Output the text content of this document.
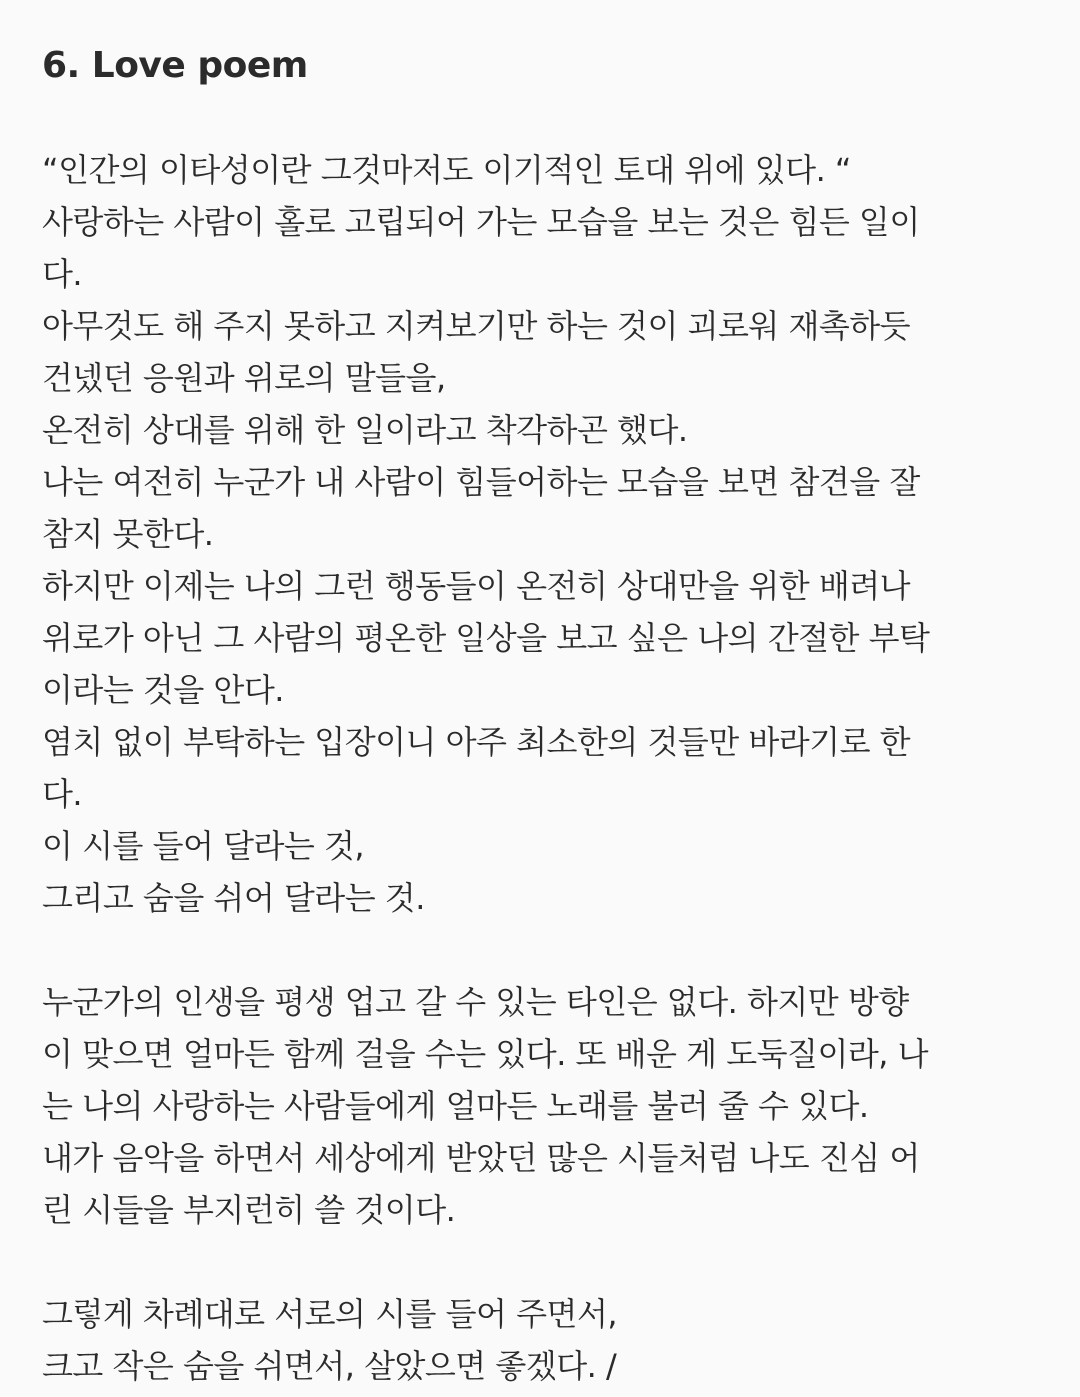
6. Love poem
“인간의 이타성이란 그것마저도 이기적인 토대 위에 있다. “
사랑하는 사람이 홀로 고립되어 가는 모습을 보는 것은 힘든 일이
다.
아무것도 해 주지 못하고 지켜보기만 하는 것이 괴로워 재촉하듯
건넸던 응원과 위로의 말들을,
온전히 상대를 위해 한 일이라고 착각하곤 했다.
나는 여전히 누군가 내 사람이 힘들어하는 모습을 보면 참견을 잘
참지 못한다.
하지만 이제는 나의 그런 행동들이 온전히 상대만을 위한 배려나
위로가 아닌 그 사람의 평온한 일상을 보고 싶은 나의 간절한 부탁
이라는 것을 안다.
염치 없이 부탁하는 입장이니 아주 최소한의 것들만 바라기로 한
다.
이 시를 들어 달라는 것,
그리고 숨을 쉬어 달라는 것.
누군가의 인생을 평생 업고 갈 수 있는 타인은 없다. 하지만 방향
이 맞으면 얼마든 함께 걸을 수는 있다. 또 배운 게 도둑질이라, 나
는 나의 사랑하는 사람들에게 얼마든 노래를 불러 줄 수 있다.
내가 음악을 하면서 세상에게 받았던 많은 시들처럼 나도 진심 어
린 시들을 부지런히 쓸 것이다.
그렇게 차례대로 서로의 시를 들어 주면서,
크고 작은 숨을 쉬면서, 살았으면 좋겠다. /
